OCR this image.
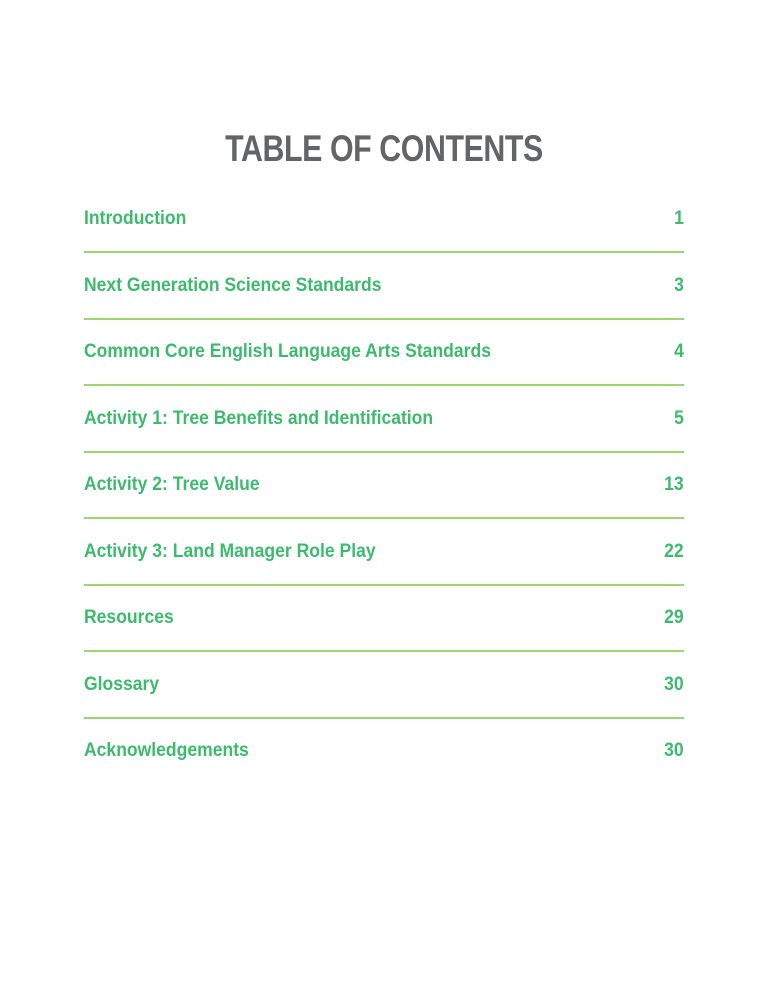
TABLE OF CONTENTS
Introduction	1
Next Generation Science Standards	3
Common Core English Language Arts Standards	4
Activity 1: Tree Benefits and Identification	5
Activity 2: Tree Value	13
Activity 3: Land Manager Role Play	22
Resources	29
Glossary	30
Acknowledgements	30
